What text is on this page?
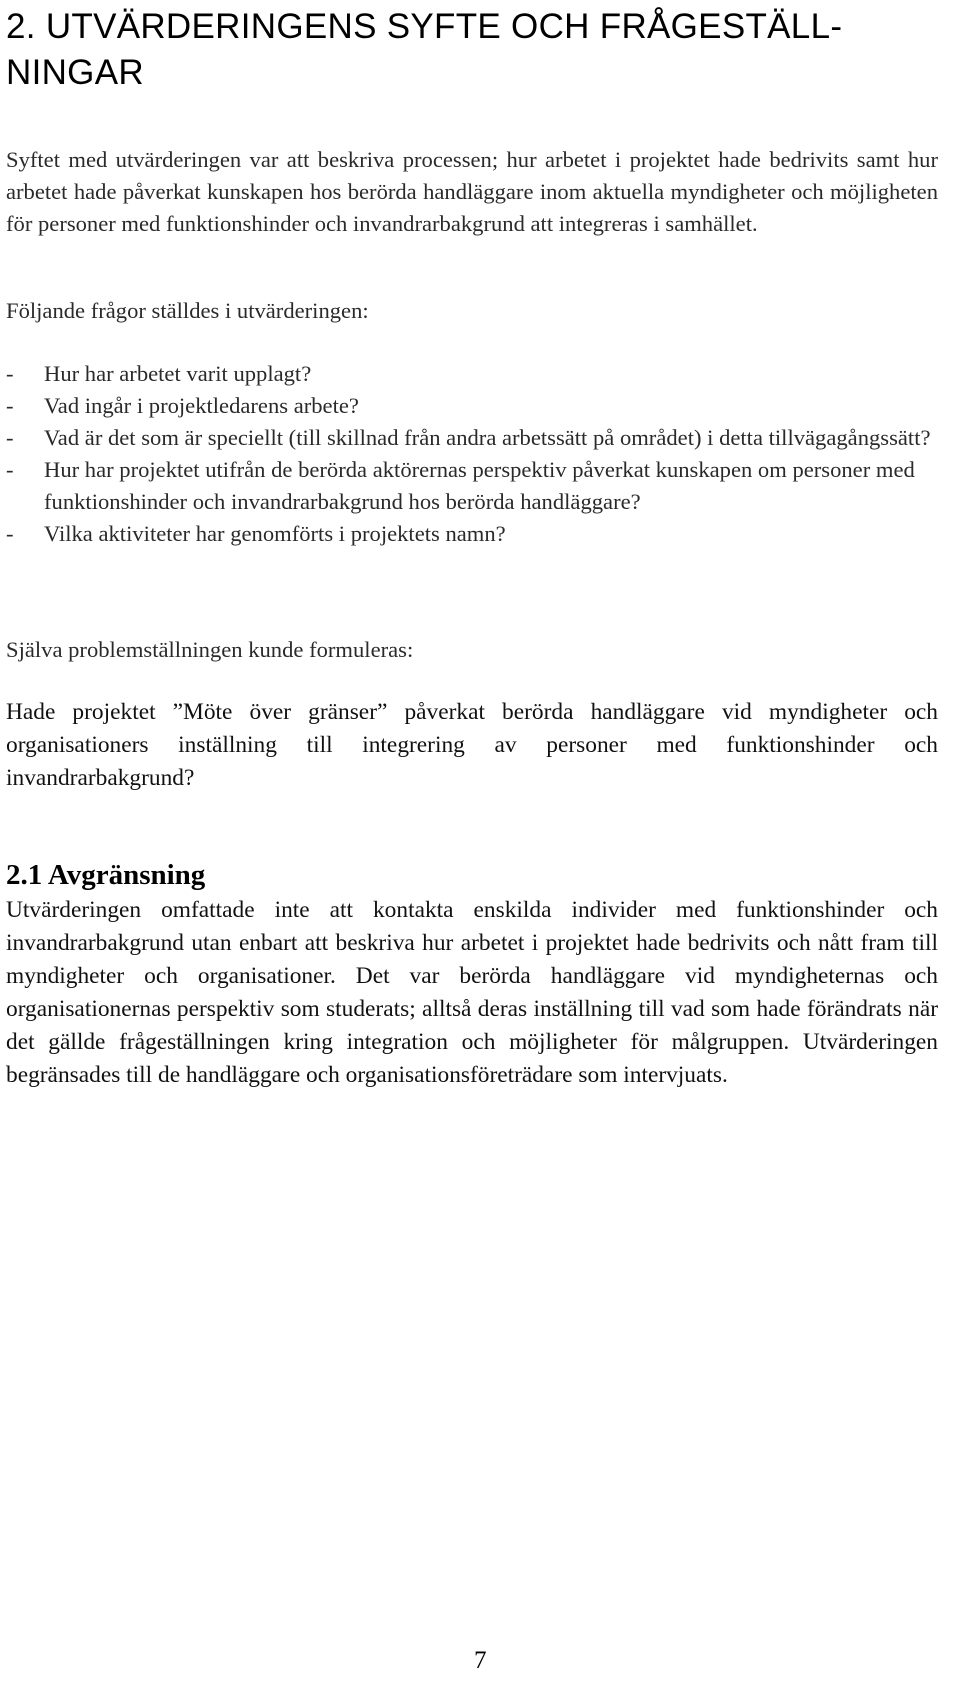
2. UTVÄRDERINGENS SYFTE OCH FRÅGESTÄLL-
NINGAR

Syftet med utvärderingen var att beskriva processen; hur arbetet i projektet hade bedrivits samt hur arbetet hade påverkat kunskapen hos berörda handläggare inom aktuella myndigheter och möjligheten för personer med funktionshinder och invandrarbakgrund att integreras i samhället.

Följande frågor ställdes i utvärderingen:

- Hur har arbetet varit upplagt?
- Vad ingår i projektledarens arbete?
- Vad är det som är speciellt (till skillnad från andra arbetssätt på området) i detta tillvägagångssätt?
- Hur har projektet utifrån de berörda aktörernas perspektiv påverkat kunskapen om personer med funktionshinder och invandrarbakgrund hos berörda handläggare?
- Vilka aktiviteter har genomförts i projektets namn?

Själva problemställningen kunde formuleras:

Hade projektet ”Möte över gränser” påverkat berörda handläggare vid myndigheter och organisationers inställning till integrering av personer med funktionshinder och invandrarbakgrund?

2.1 Avgränsning

Utvärderingen omfattade inte att kontakta enskilda individer med funktionshinder och invandrarbakgrund utan enbart att beskriva hur arbetet i projektet hade bedrivits och nått fram till myndigheter och organisationer. Det var berörda handläggare vid myndigheternas och organisationernas perspektiv som studerats; alltså deras inställning till vad som hade förändrats när det gällde frågeställningen kring integration och möjligheter för målgruppen. Utvärderingen begränsades till de handläggare och organisationsföreträdare som intervjuats.

7
